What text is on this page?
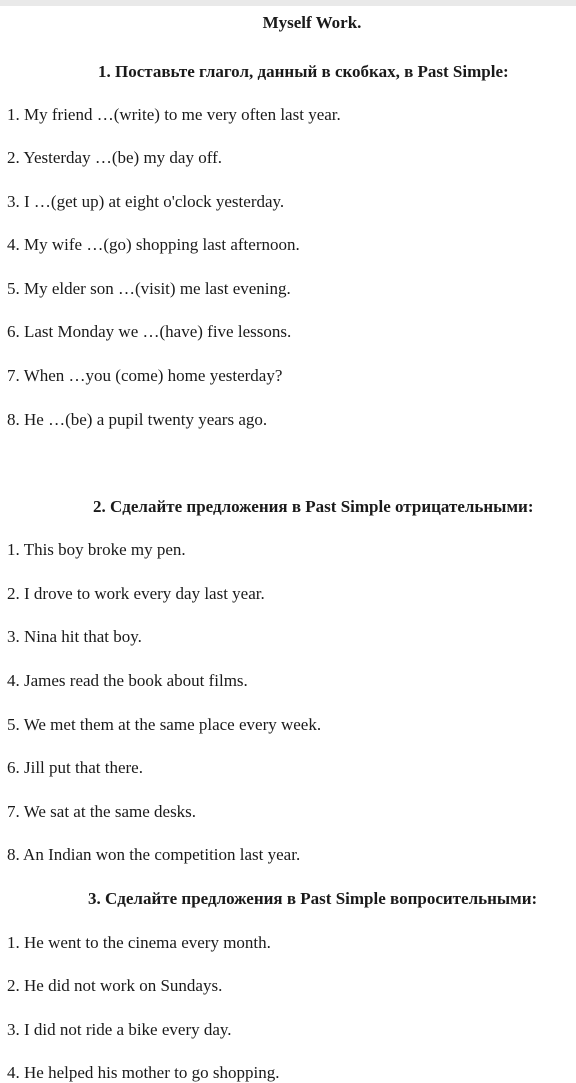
Myself Work.
1. Поставьте глагол, данный в скобках, в Past Simple:
1. My friend …(write) to me very often last year.
2. Yesterday …(be) my day off.
3. I …(get up) at eight o'clock yesterday.
4. My wife …(go) shopping last afternoon.
5. My elder son …(visit) me last evening.
6. Last Monday we …(have) five lessons.
7. When …you (come) home yesterday?
8. He …(be) a pupil twenty years ago.
2. Сделайте предложения в Past Simple отрицательными:
1. This boy broke my pen.
2. I drove to work every day last year.
3. Nina hit that boy.
4. James read the book about films.
5. We met them at the same place every week.
6. Jill put that there.
7. We sat at the same desks.
8. An Indian won the competition last year.
3. Сделайте предложения в Past Simple вопросительными:
1. He went to the cinema every month.
2. He did not work on Sundays.
3. I did not ride a bike every day.
4. He helped his mother to go shopping.
